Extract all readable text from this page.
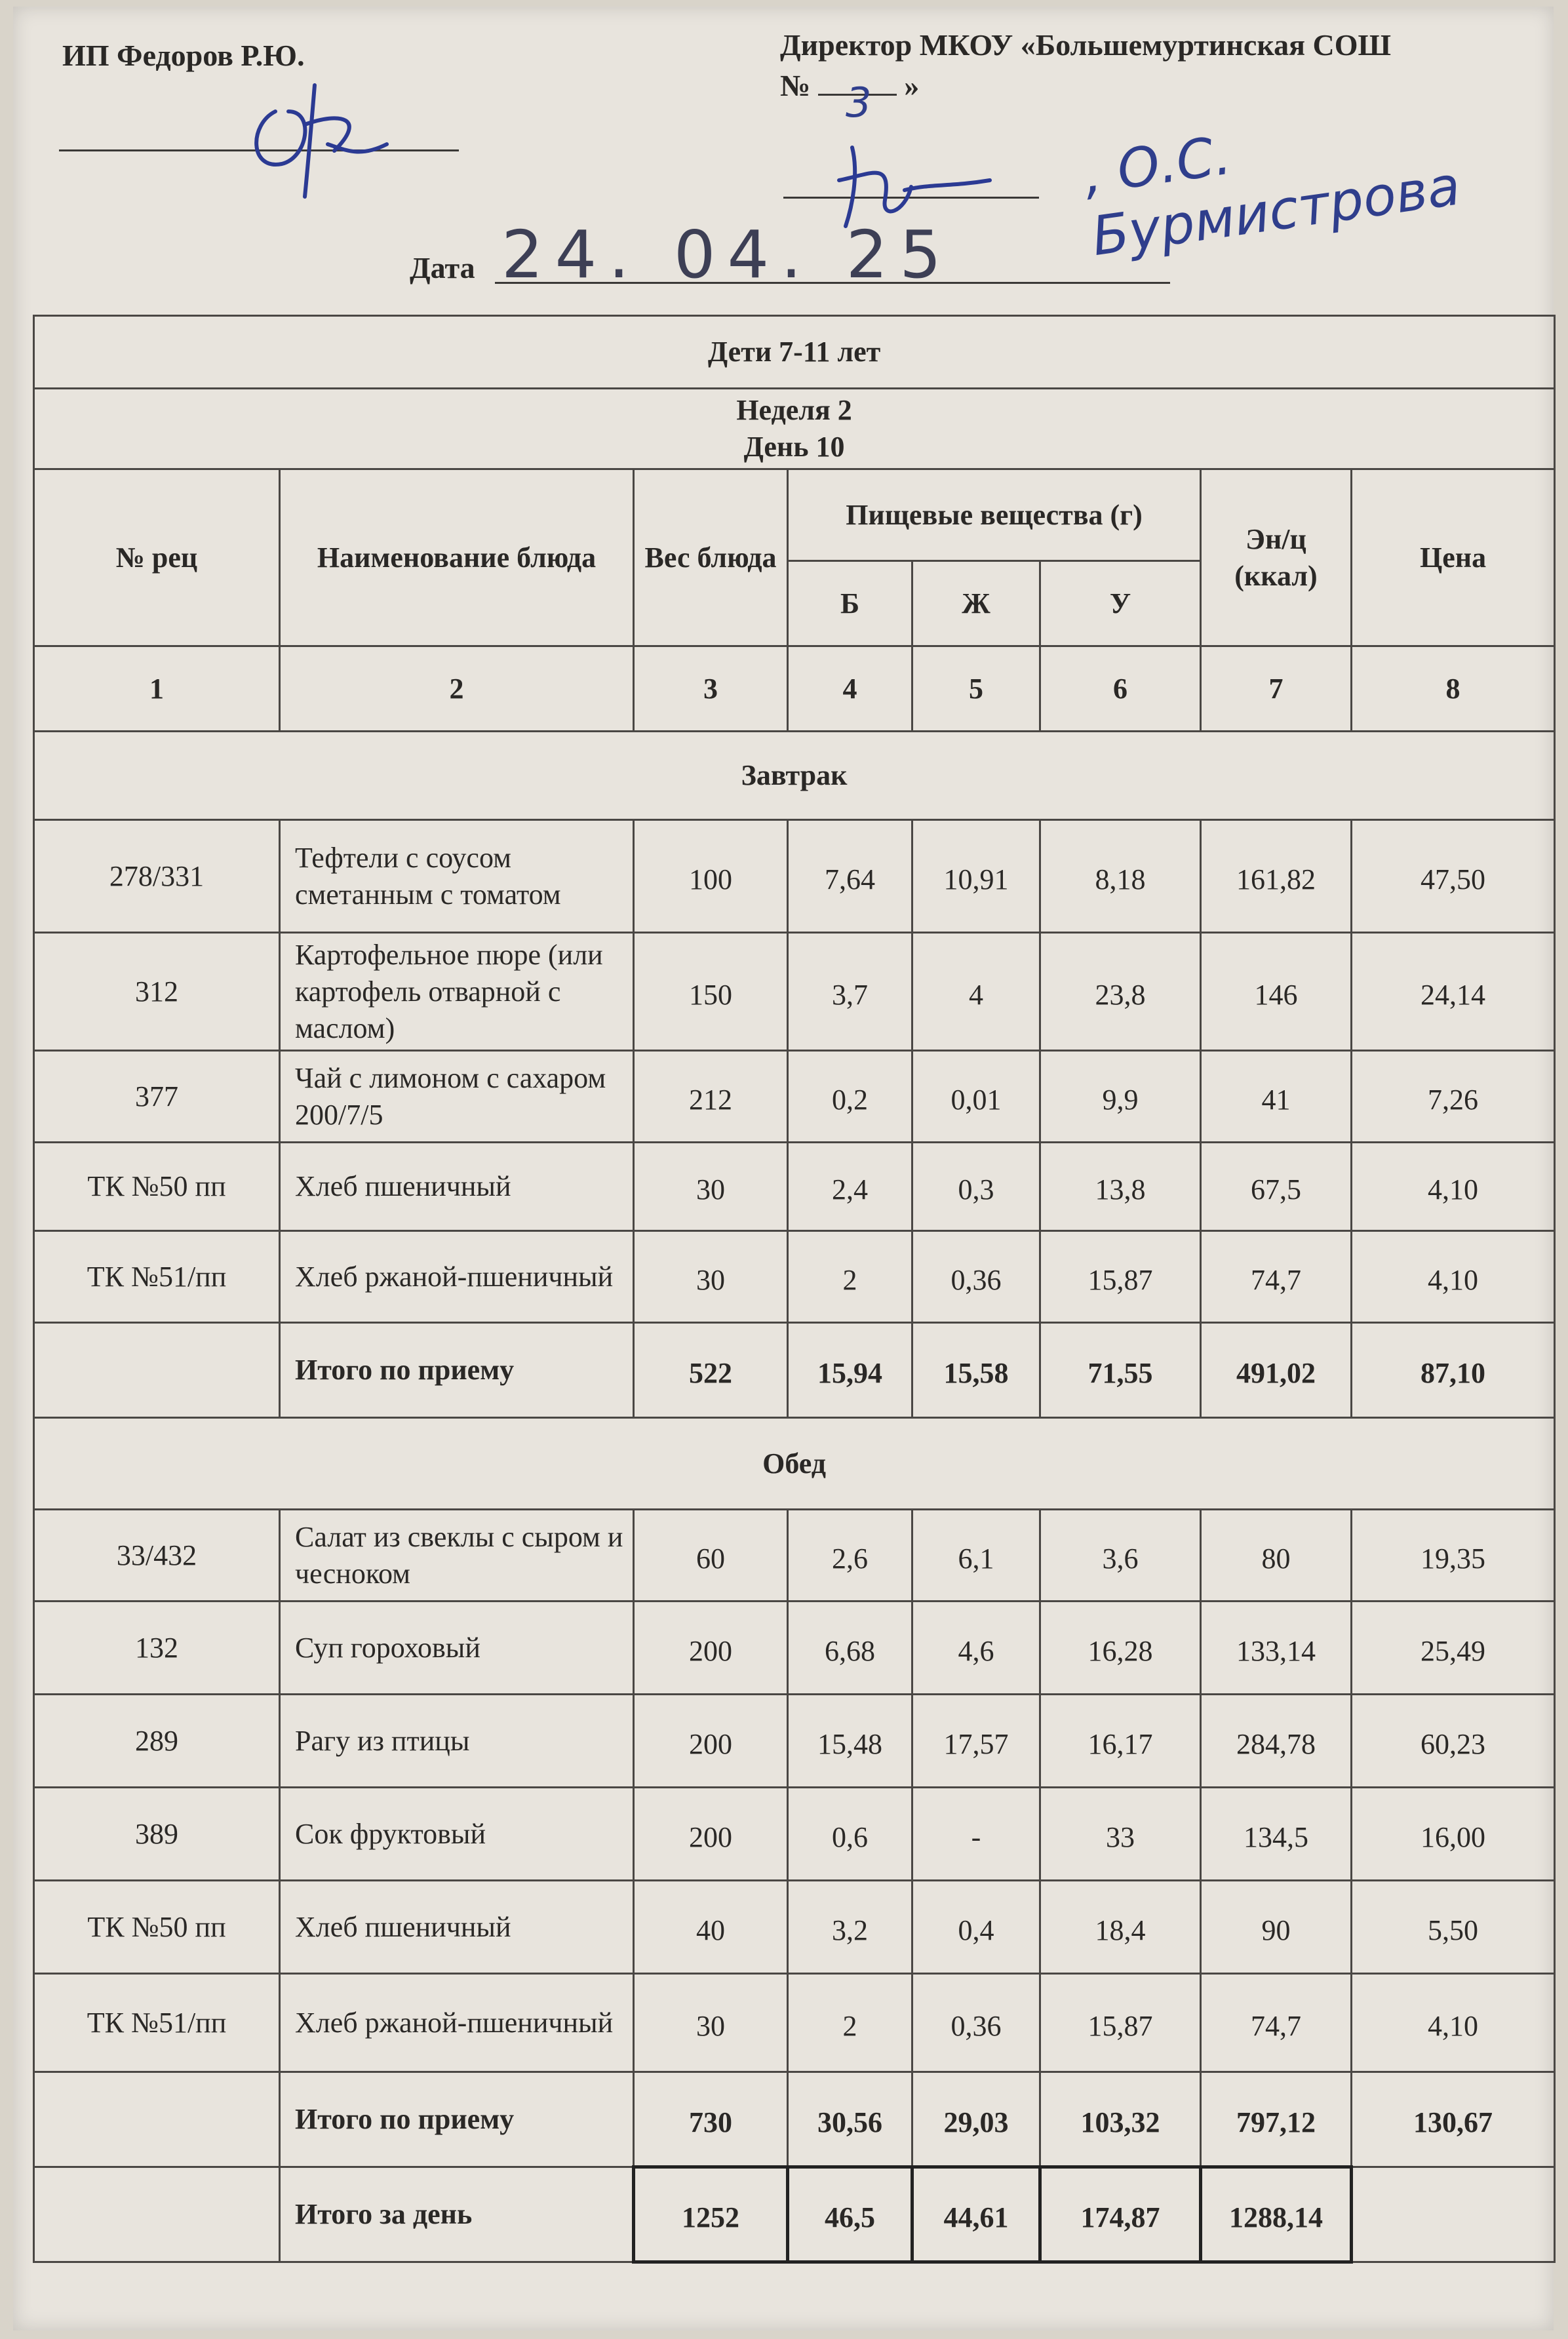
ИП Федоров Р.Ю.	Директор МКОУ «Большемуртинская СОШ
№	»
3
, О.С. Бурмистрова
Дата 24. 04. 25
Дети 7-11 лет							

Неделя 2
День 10							

№ рец	Наименование блюда	Вес блюда	Пищевые вещества (г)			Эн/ц (ккал)	Цена
			Б	Ж	У		
1	2	3	4	5	6	7	8
Завтрак							
278/331	Тефтели с соусом сметанным с томатом	100	7,64	10,91	8,18	161,82	47,50
312	Картофельное пюре (или картофель отварной с маслом)	150	3,7	4	23,8	146	24,14
377	Чай с лимоном с сахаром 200/7/5	212	0,2	0,01	9,9	41	7,26
ТК №50 пп	Хлеб пшеничный	30	2,4	0,3	13,8	67,5	4,10
ТК №51/пп	Хлеб ржаной-пшеничный	30	2	0,36	15,87	74,7	4,10
	Итого по приему	522	15,94	15,58	71,55	491,02	87,10
Обед							
33/432	Салат из свеклы с сыром и чесноком	60	2,6	6,1	3,6	80	19,35
132	Суп гороховый	200	6,68	4,6	16,28	133,14	25,49
289	Рагу из птицы	200	15,48	17,57	16,17	284,78	60,23
389	Сок фруктовый	200	0,6	-	33	134,5	16,00
ТК №50 пп	Хлеб пшеничный	40	3,2	0,4	18,4	90	5,50
ТК №51/пп	Хлеб ржаной-пшеничный	30	2	0,36	15,87	74,7	4,10
	Итого по приему	730	30,56	29,03	103,32	797,12	130,67
	Итого за день	1252	46,5	44,61	174,87	1288,14	
